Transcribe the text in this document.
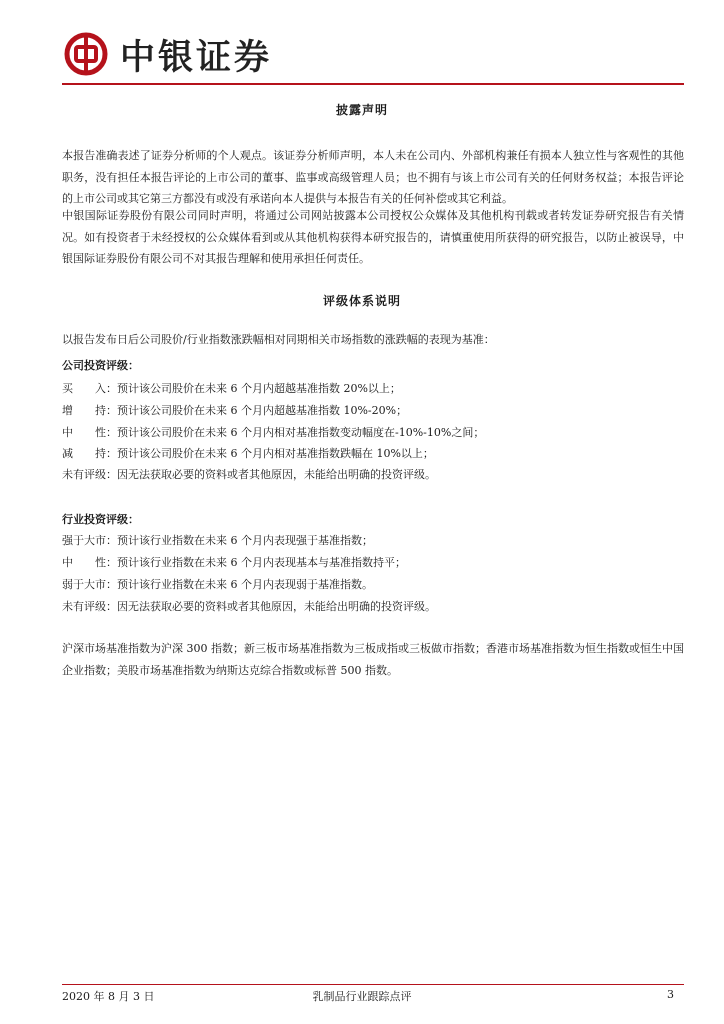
中银证券
披露声明
本报告准确表述了证券分析师的个人观点。该证券分析师声明，本人未在公司内、外部机构兼任有损本人独立性与客观性的其他职务，没有担任本报告评论的上市公司的董事、监事或高级管理人员；也不拥有与该上市公司有关的任何财务权益；本报告评论的上市公司或其它第三方都没有或没有承诺向本人提供与本报告有关的任何补偿或其它利益。
中银国际证券股份有限公司同时声明，将通过公司网站披露本公司授权公众媒体及其他机构刊载或者转发证券研究报告有关情况。如有投资者于未经授权的公众媒体看到或从其他机构获得本研究报告的，请慎重使用所获得的研究报告，以防止被误导，中银国际证券股份有限公司不对其报告理解和使用承担任何责任。
评级体系说明
以报告发布日后公司股价/行业指数涨跌幅相对同期相关市场指数的涨跌幅的表现为基准：
公司投资评级：
买　　入：预计该公司股价在未来 6 个月内超越基准指数 20%以上；
增　　持：预计该公司股价在未来 6 个月内超越基准指数 10%-20%；
中　　性：预计该公司股价在未来 6 个月内相对基准指数变动幅度在-10%-10%之间；
减　　持：预计该公司股价在未来 6 个月内相对基准指数跌幅在 10%以上；
未有评级：因无法获取必要的资料或者其他原因，未能给出明确的投资评级。
行业投资评级：
强于大市：预计该行业指数在未来 6 个月内表现强于基准指数；
中　　性：预计该行业指数在未来 6 个月内表现基本与基准指数持平；
弱于大市：预计该行业指数在未来 6 个月内表现弱于基准指数。
未有评级：因无法获取必要的资料或者其他原因，未能给出明确的投资评级。
沪深市场基准指数为沪深 300 指数；新三板市场基准指数为三板成指或三板做市指数；香港市场基准指数为恒生指数或恒生中国企业指数；美股市场基准指数为纳斯达克综合指数或标普 500 指数。
2020 年 8 月 3 日	乳制品行业跟踪点评	3
